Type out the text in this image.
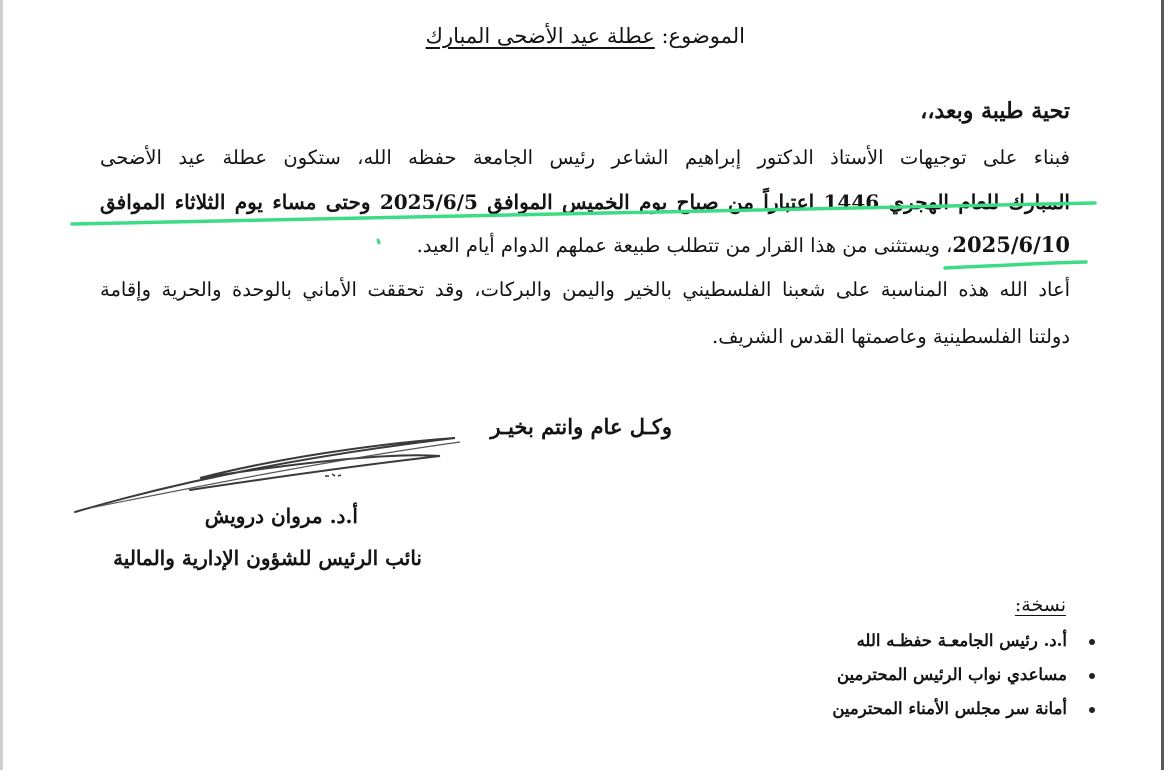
الموضوع: عطلة عيد الأضحى المبارك
تحية طيبة وبعد،،
فبناء على توجيهات الأستاذ الدكتور إبراهيم الشاعر رئيس الجامعة حفظه الله، ستكون عطلة عيد الأضحى
المبارك للعام الهجري 1446 اعتباراً من صباح يوم الخميس الموافق 2025/6/5 وحتى مساء يوم الثلاثاء الموافق
2025/6/10، ويستثنى من هذا القرار من تتطلب طبيعة عملهم الدوام أيام العيد.
أعاد الله هذه المناسبة على شعبنا الفلسطيني بالخير واليمن والبركات، وقد تحققت الأماني بالوحدة والحرية وإقامة
دولتنا الفلسطينية وعاصمتها القدس الشريف.
وكـل عام وانتم بخيـر
أ.د. مروان درويش
نائب الرئيس للشؤون الإدارية والمالية
نسخة:
أ.د. رئيس الجامعـة حفظـه الله
مساعدي نواب الرئيس المحترمين
أمانة سر مجلس الأمناء المحترمين
